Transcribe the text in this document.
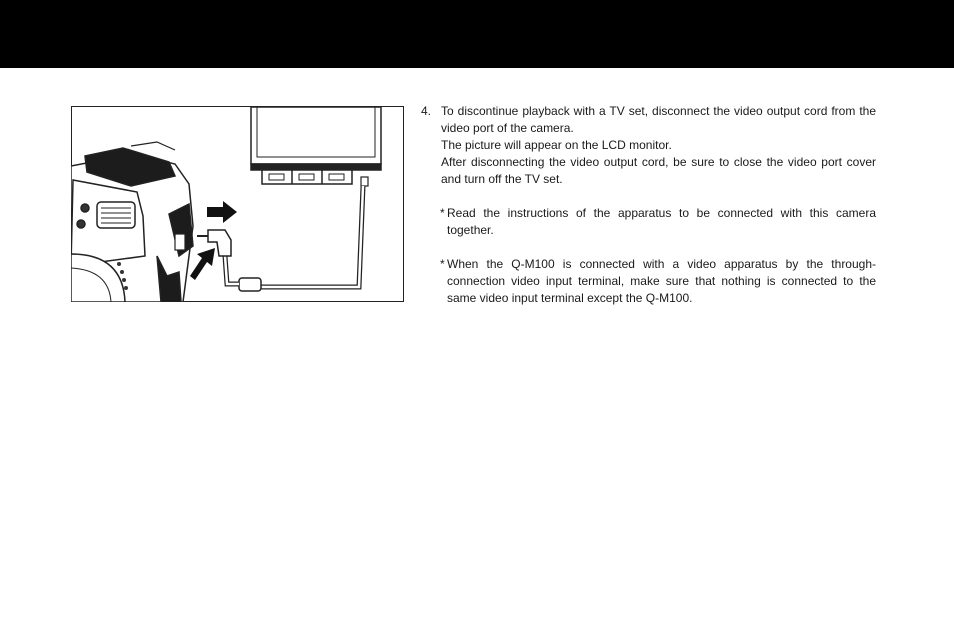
4. To discontinue playback with a TV set, disconnect the video output cord from the video port of the camera.

The picture will appear on the LCD monitor.

After disconnecting the video output cord, be sure to close the video port cover and turn off the TV set.

* Read the instructions of the apparatus to be connected with this camera together.

* When the Q-M100 is connected with a video apparatus by the through-connection video input terminal, make sure that nothing is connected to the same video input terminal except the Q-M100.
